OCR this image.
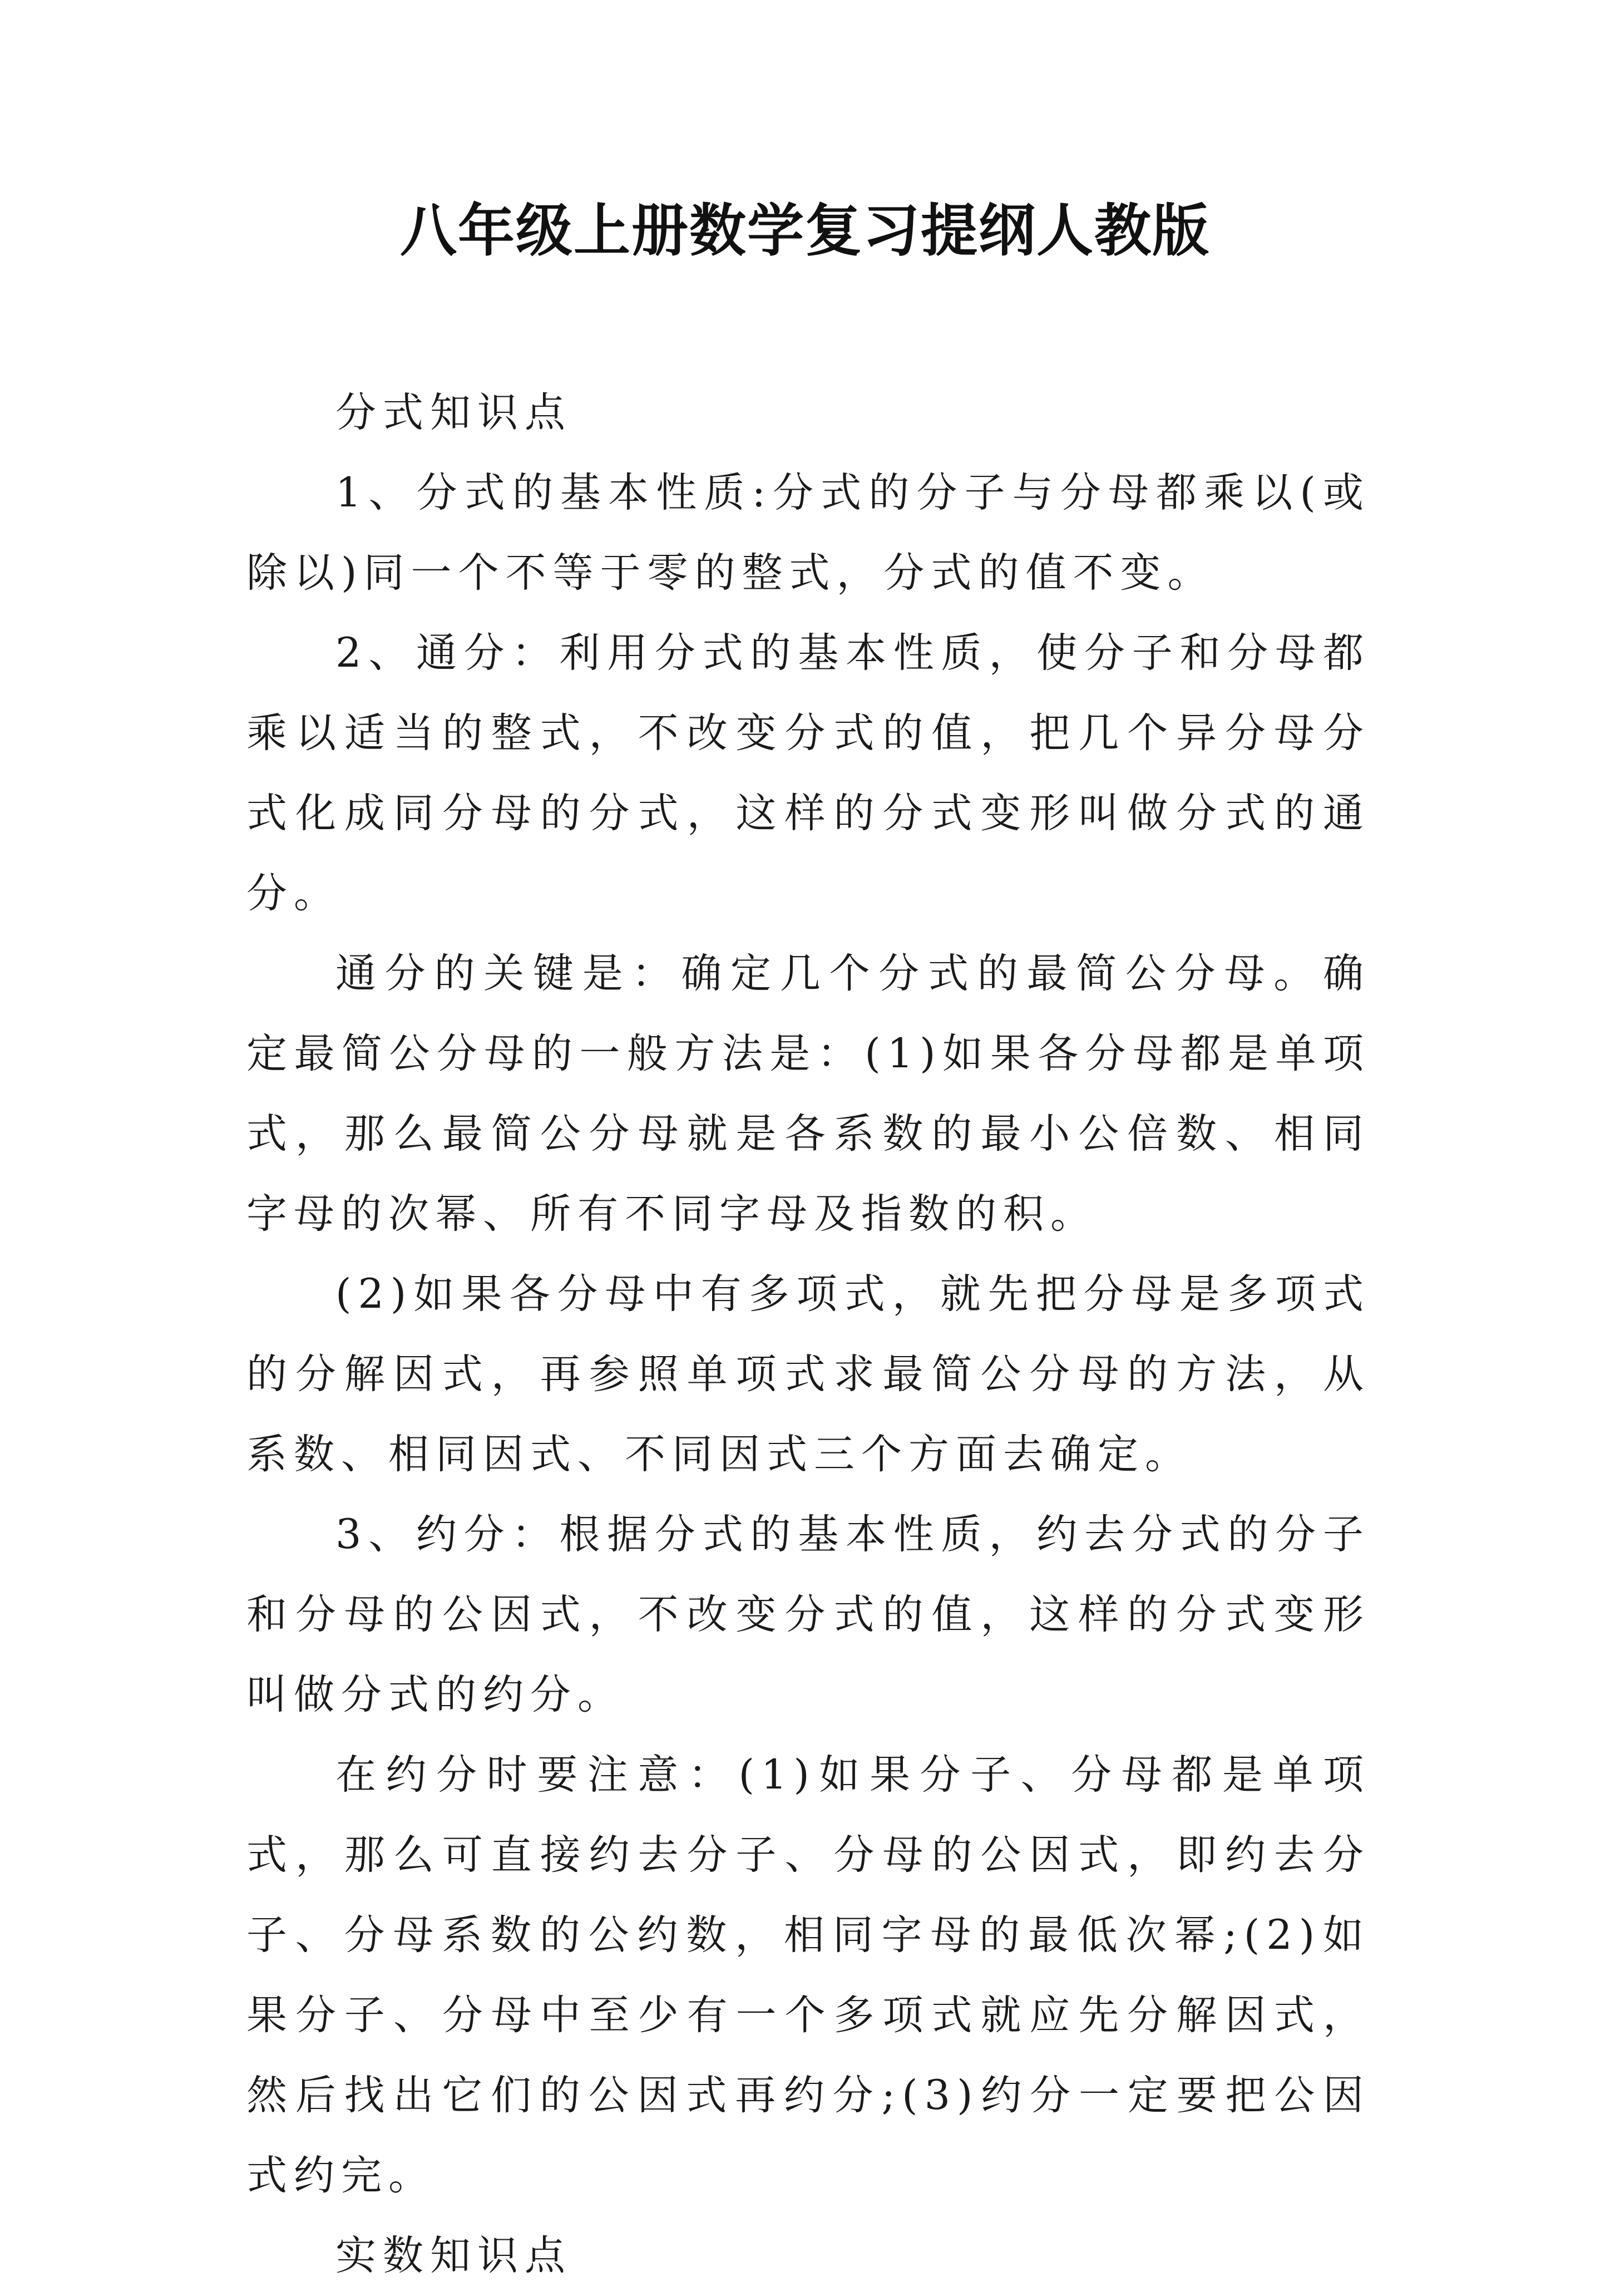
八年级上册数学复习提纲人教版

分式知识点

1、分式的基本性质:分式的分子与分母都乘以(或除以)同一个不等于零的整式，分式的值不变。

2、通分：利用分式的基本性质，使分子和分母都乘以适当的整式，不改变分式的值，把几个异分母分式化成同分母的分式，这样的分式变形叫做分式的通分。

通分的关键是：确定几个分式的最简公分母。确定最简公分母的一般方法是：(1)如果各分母都是单项式，那么最简公分母就是各系数的最小公倍数、相同字母的次幂、所有不同字母及指数的积。

(2)如果各分母中有多项式，就先把分母是多项式的分解因式，再参照单项式求最简公分母的方法，从系数、相同因式、不同因式三个方面去确定。

3、约分：根据分式的基本性质，约去分式的分子和分母的公因式，不改变分式的值，这样的分式变形叫做分式的约分。

在约分时要注意：(1)如果分子、分母都是单项式，那么可直接约去分子、分母的公因式，即约去分子、分母系数的公约数，相同字母的最低次幂;(2)如果分子、分母中至少有一个多项式就应先分解因式，然后找出它们的公因式再约分;(3)约分一定要把公因式约完。

实数知识点
